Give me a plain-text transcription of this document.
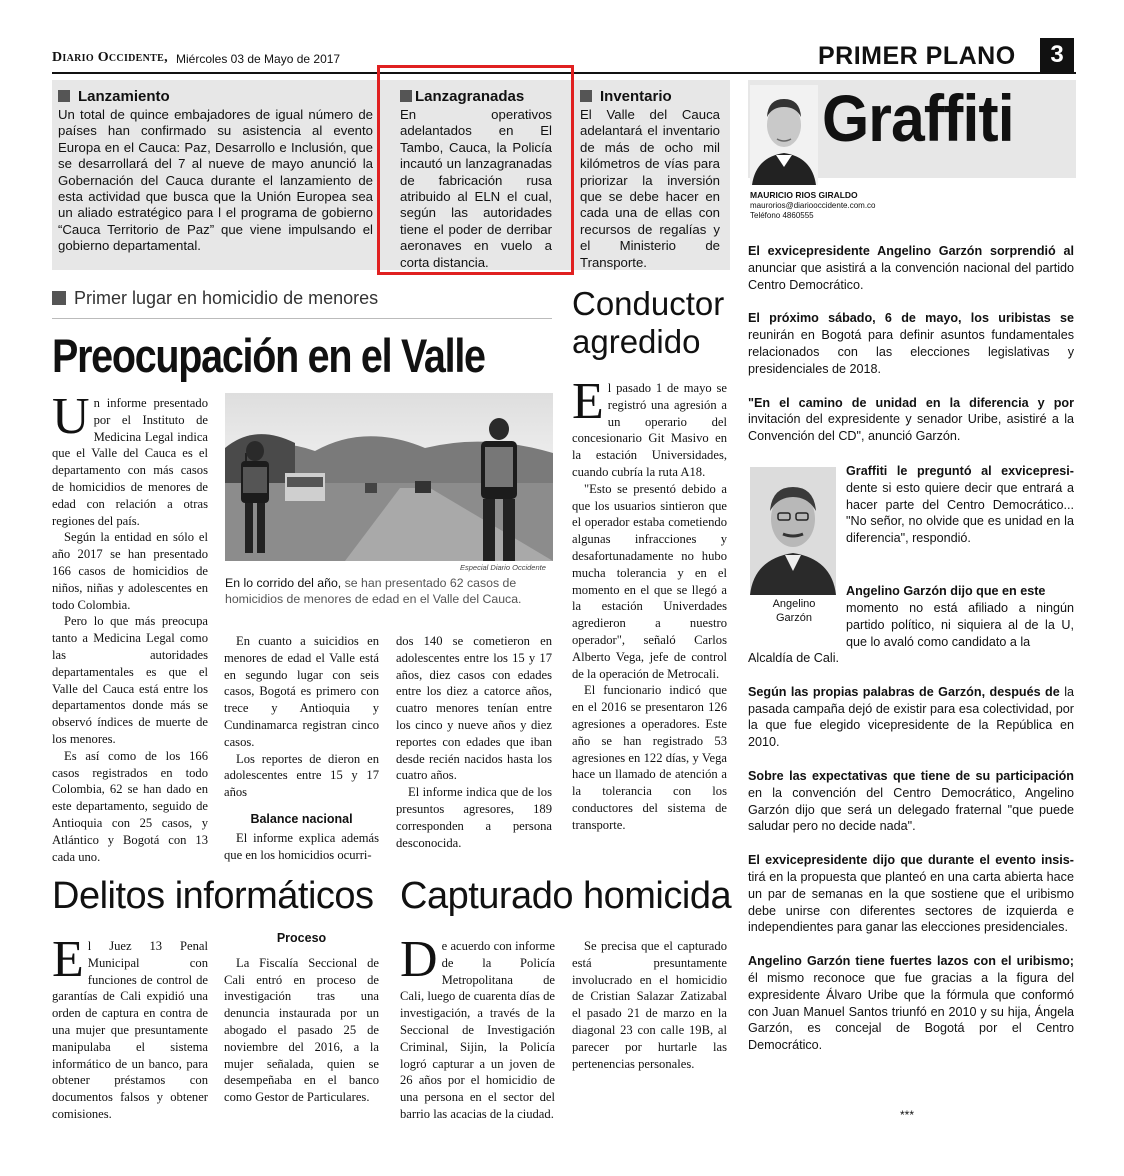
Diario Occidente, Miércoles 03 de Mayo de 2017	PRIMER PLANO	3
Lanzamiento
Un total de quince embajadores de igual número de países han confirmado su asistencia al evento Europa en el Cauca: Paz, Desarrollo e Inclusión, que se desarrollará del 7 al nueve de mayo anunció la Gobernación del Cauca durante el lanzamiento de esta actividad que busca que la Unión Europea sea un aliado estratégico para l el programa de gobierno “Cauca Territorio de Paz” que viene impulsando el gobierno departamental.
Lanzagranadas
En operativos adelantados en El Tambo, Cauca, la Policía incautó un lanzagranadas de fabricación rusa atribuido al ELN el cual, según las autoridades tiene el poder de derribar aeronaves en vuelo a corta distancia.
Inventario
El Valle del Cauca adelantará el inventario de más de ocho mil kilómetros de vías para priorizar la inversión que se debe hacer en cada una de ellas con recursos de regalías y el Ministerio de Transporte.
Graffiti
MAURICIO RIOS GIRALDO
maurorios@diariooccidente.com.co
Teléfono 4860555

El exvicepresidente Angelino Garzón sorprendió al anunciar que asistirá a la convención nacional del partido Centro Democrático.

El próximo sábado, 6 de mayo, los uribistas se reunirán en Bogotá para definir asuntos fundamentales relacionados con las elecciones legislativas y presidenciales de 2018.

"En el camino de unidad en la diferencia y por invitación del expresidente y senador Uribe, asistiré a la Convención del CD", anunció Garzón.

Angelino Garzón

Graffiti le preguntó al exvicepresi-dente si esto quiere decir que entrará a hacer parte del Centro Democrático... "No señor, no olvide que es unidad en la diferencia", respondió.

Angelino Garzón dijo que en este

momento no está afiliado a ningún partido político, ni siquiera al de la U, que lo avaló como candidato a la

Alcaldía de Cali.

Según las propias palabras de Garzón, después de la pasada campaña dejó de existir para esa colectividad, por la que fue elegido vicepresidente de la República en 2010.

Sobre las expectativas que tiene de su participación en la convención del Centro Democrático, Angelino Garzón dijo que será un delegado fraternal "que puede saludar pero no decide nada".

El exvicepresidente dijo que durante el evento insis-tirá en la propuesta que planteó en una carta abierta hace un par de semanas en la que sostiene que el uribismo debe unirse con diferentes sectores de izquierda e independientes para ganar las elecciones presidenciales.

Angelino Garzón tiene fuertes lazos con el uribismo; él mismo reconoce que fue gracias a la figura del expresidente Álvaro Uribe que la fórmula que conformó con Juan Manuel Santos triunfó en 2010 y su hija, Ángela Garzón, es concejal de Bogotá por el Centro Democrático.

***
Primer lugar en homicidio de menores
Preocupación en el Valle
Especial Diario Occidente
En lo corrido del año, se han presentado 62 casos de homicidios de menores de edad en el Valle del Cauca.

Un informe presentado por el Instituto de Medicina Legal indica que el Valle del Cauca es el departamento con más casos de homicidios de menores de edad con relación a otras regiones del país.

Según la entidad en sólo el año 2017 se han presentado 166 casos de homicidios de niños, niñas y adolescentes en todo Colombia.

Pero lo que más preocupa tanto a Medicina Legal como las autoridades departamentales es que el Valle del Cauca está entre los departamentos donde más se observó índices de muerte de los menores.

Es así como de los 166 casos registrados en todo Colombia, 62 se han dado en este departamento, seguido de Antioquia con 25 casos, y Atlántico y Bogotá con 13 cada uno.

En cuanto a suicidios en menores de edad el Valle está en segundo lugar con seis casos, Bogotá es primero con trece y Antioquia y Cundinamarca registran cinco casos.

Los reportes de dieron en adolescentes entre 15 y 17 años

Balance nacional

El informe explica además que en los homicidios ocurri-

dos 140 se cometieron en adolescentes entre los 15 y 17 años, diez casos con edades entre los diez a catorce años, cuatro menores tenían entre los cinco y nueve años y diez reportes con edades que iban desde recién nacidos hasta los cuatro años.

El informe indica que de los presuntos agresores, 189 corresponden a persona desconocida.

Conductor agredido

El pasado 1 de mayo se registró una agresión a un operario del concesionario Git Masivo en la estación Universidades, cuando cubría la ruta A18.

"Esto se presentó debido a que los usuarios sintieron que el operador estaba cometiendo algunas infracciones y desafortunadamente no hubo mucha tolerancia y en el momento en el que se llegó a la estación Univerdades agredieron a nuestro operador", señaló Carlos Alberto Vega, jefe de control de la operación de Metrocali.

El funcionario indicó que en el 2016 se presentaron 126 agresiones a operadores. Este año se han registrado 53 agresiones en 122 días, y Vega hace un llamado de atención a la tolerancia con los conductores del sistema de transporte.

Delitos informáticos

El Juez 13 Penal Municipal con funciones de control de garantías de Cali expidió una orden de captura en contra de una mujer que presuntamente manipulaba el sistema informático de un banco, para obtener préstamos con documentos falsos y obtener comisiones.

Proceso

La Fiscalía Seccional de Cali entró en proceso de investigación tras una denuncia instaurada por un abogado el pasado 25 de noviembre del 2016, a la mujer señalada, quien se desempeñaba en el banco como Gestor de Particulares.

Capturado homicida

De acuerdo con informe de la Policía Metropolitana de Cali, luego de cuarenta días de investigación, a través de la Seccional de Investigación Criminal, Sijin, la Policía logró capturar a un joven de 26 años por el homicidio de una persona en el sector del barrio las acacias de la ciudad.

Se precisa que el capturado está presuntamente involucrado en el homicidio de Cristian Salazar Zatizabal el pasado 21 de marzo en la diagonal 23 con calle 19B, al parecer por hurtarle las pertenencias personales.
